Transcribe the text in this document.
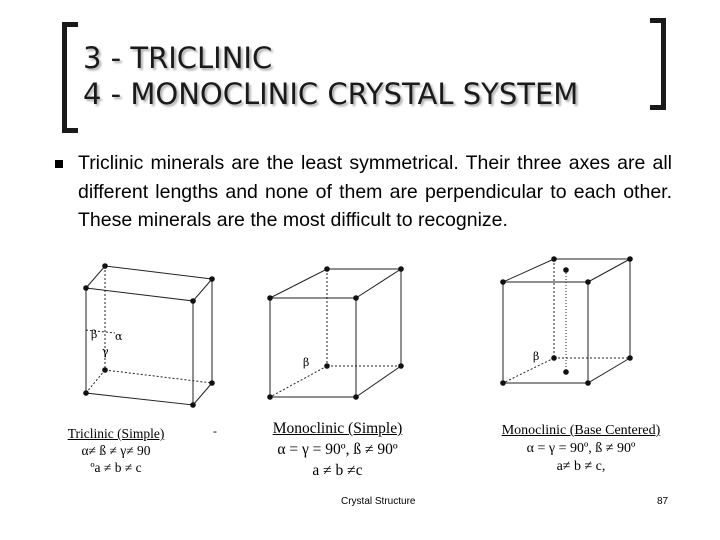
3 - TRICLINIC
4 - MONOCLINIC CRYSTAL SYSTEM
Triclinic minerals are the least symmetrical. Their three axes are all different lengths and none of them are perpendicular to each other. These minerals are the most difficult to recognize.
β α
γ
β	β
Triclinic (Simple)
α≠ ß ≠ γ≠ 90
ºa ≠ b ≠ c
Monoclinic (Simple)
α = γ = 90º, ß ≠ 90º
a ≠ b ≠c
Monoclinic (Base Centered)
α = γ = 90º, ß ≠ 90º
a≠ b ≠ c,
-
Crystal Structure	87
